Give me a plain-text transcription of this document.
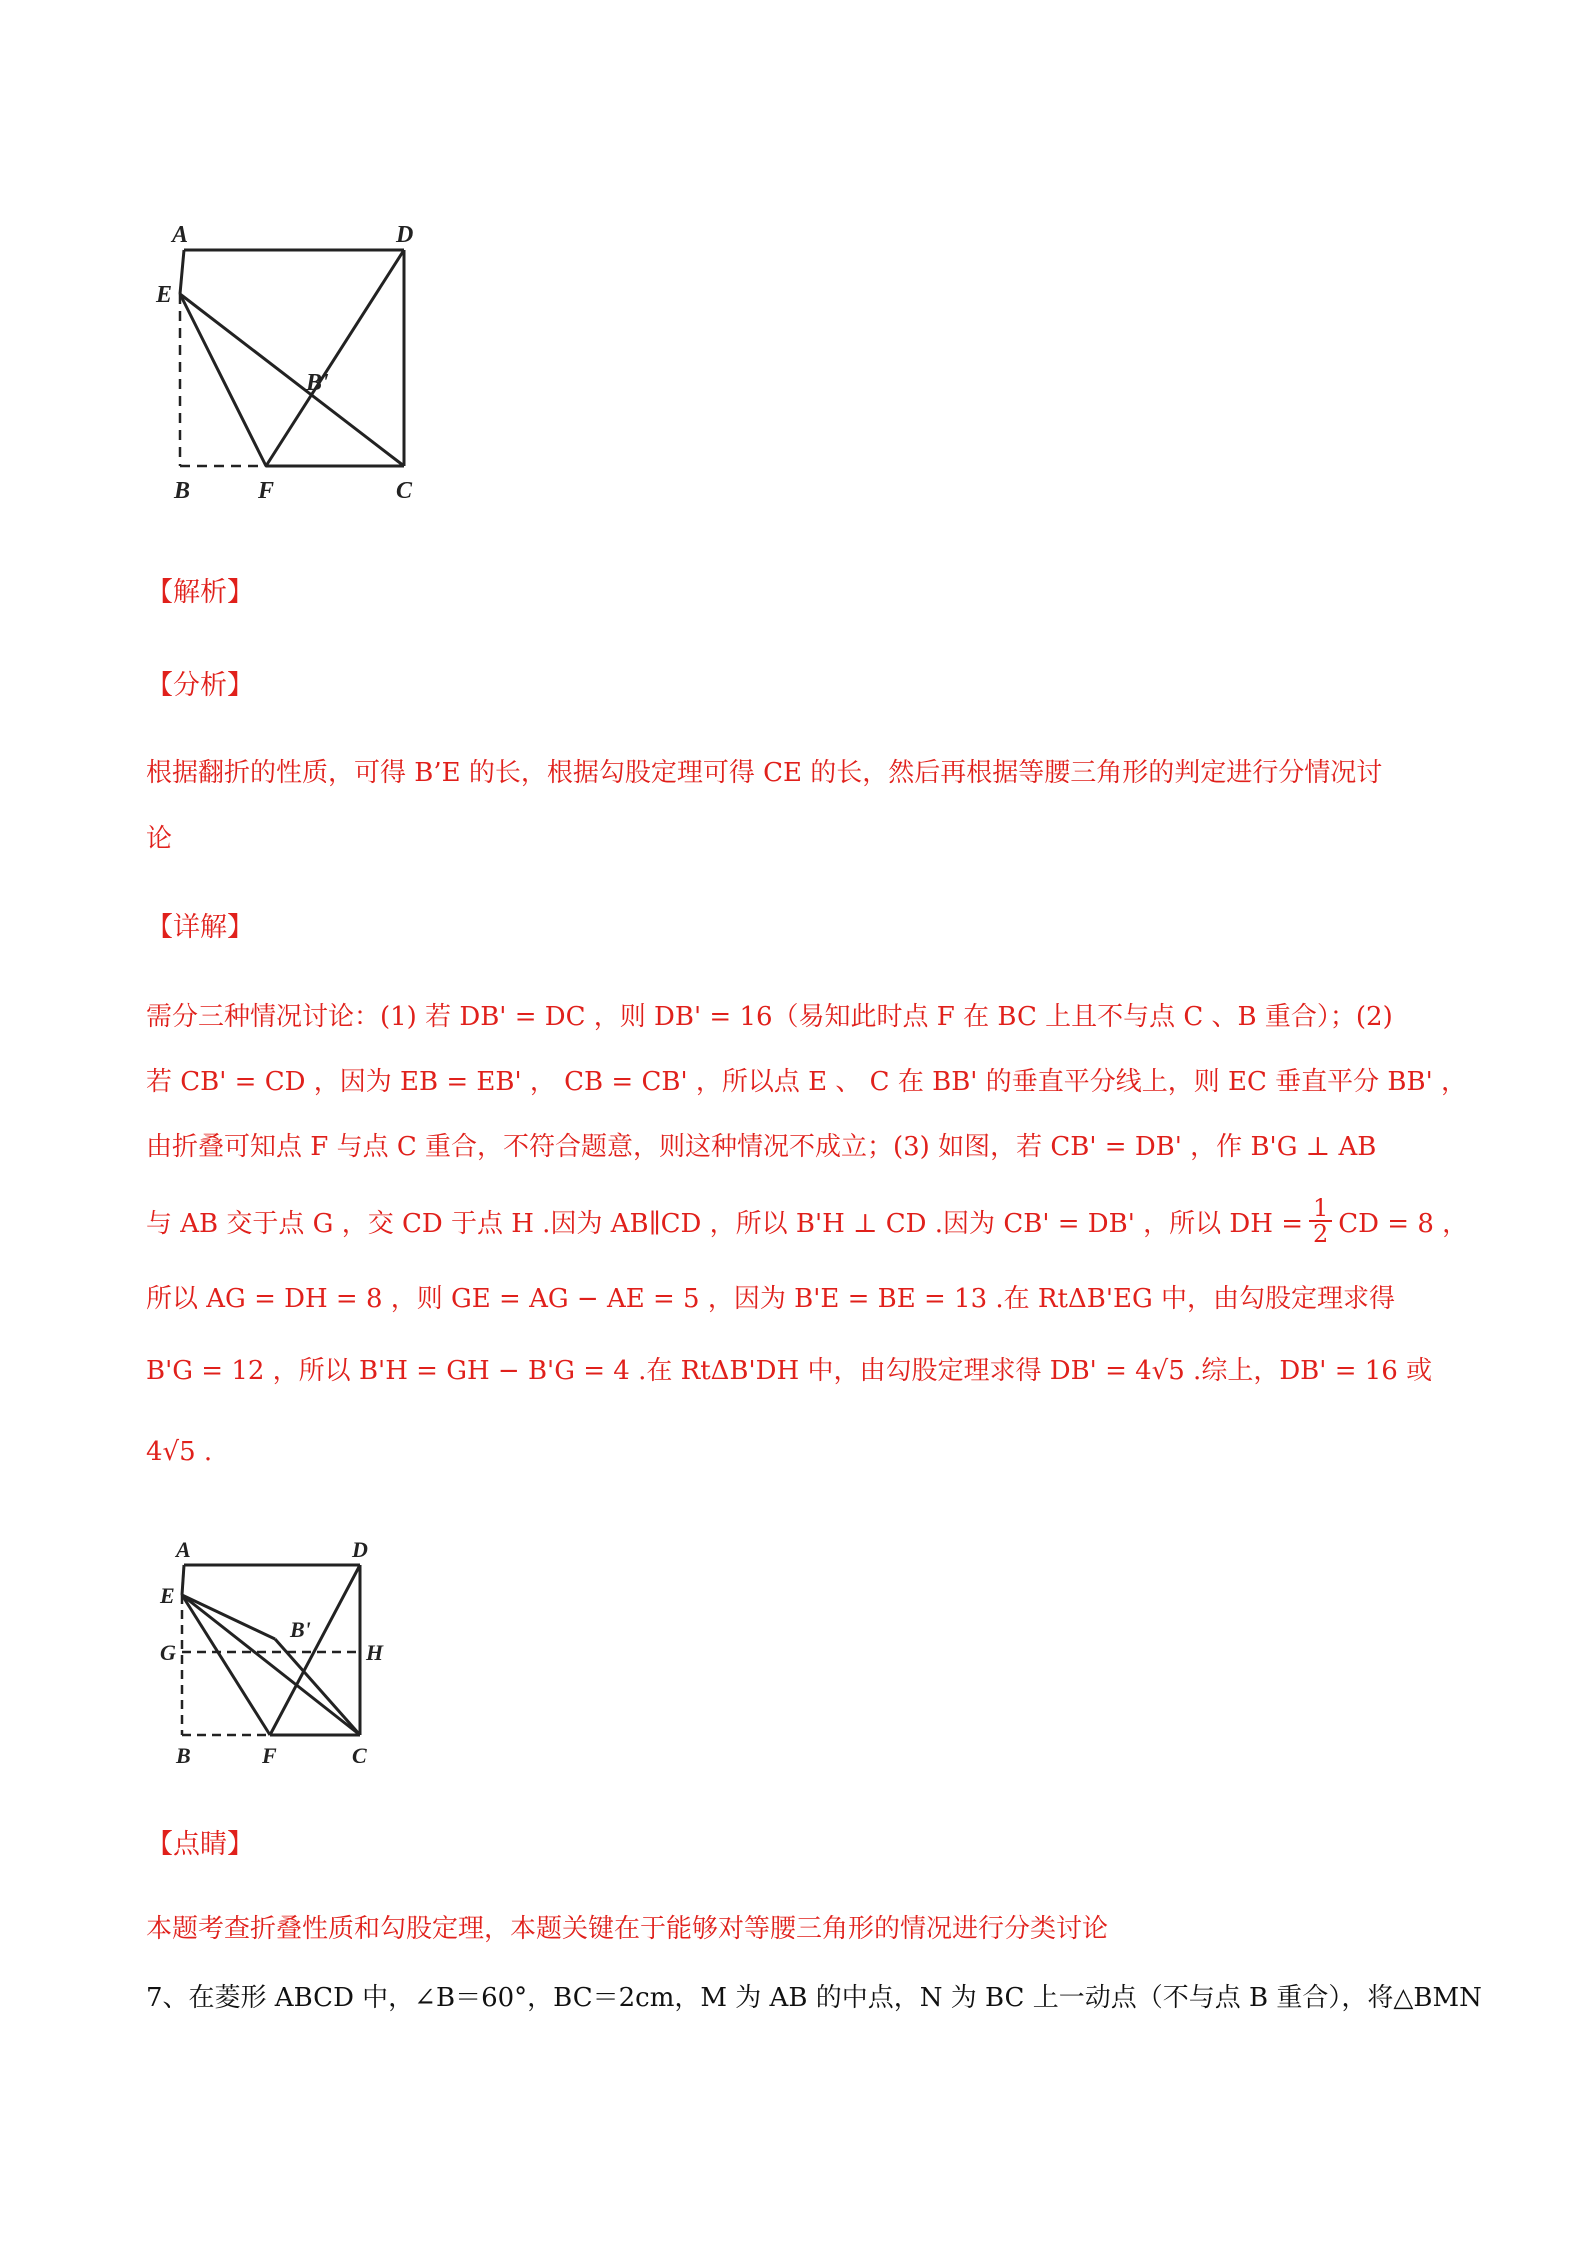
A	D
E
B'
B	F	C
【解析】
【分析】
根据翻折的性质，可得 B’E 的长，根据勾股定理可得 CE 的长，然后再根据等腰三角形的判定进行分情况讨
论
【详解】
需分三种情况讨论：(1) 若 DB' = DC ，则 DB' = 16（易知此时点 F 在 BC 上且不与点 C 、B 重合）；(2)
若 CB' = CD ，因为 EB = EB' ， CB = CB' ，所以点 E 、 C 在 BB' 的垂直平分线上，则 EC 垂直平分 BB' ，
由折叠可知点 F 与点 C 重合，不符合题意，则这种情况不成立；(3) 如图，若 CB' = DB' ，作 B'G ⊥ AB
与 AB 交于点 G ，交 CD 于点 H .因为 AB∥CD ，所以 B'H ⊥ CD .因为 CB' = DB' ，所以 DH = $\frac{1}{2}$ CD = 8 ，
所以 AG = DH = 8 ，则 GE = AG − AE = 5 ，因为 B'E = BE = 13 .在 RtΔB'EG 中，由勾股定理求得
B'G = 12 ，所以 B'H = GH − B'G = 4 .在 RtΔB'DH 中，由勾股定理求得 DB' = 4√5 .综上，DB' = 16 或
4√5 .
A	D
E
G
B'
H
B	F	C
【点睛】
本题考查折叠性质和勾股定理，本题关键在于能够对等腰三角形的情况进行分类讨论
7、在菱形 ABCD 中，∠B＝60°，BC＝2cm，M 为 AB 的中点，N 为 BC 上一动点（不与点 B 重合），将△BMN
